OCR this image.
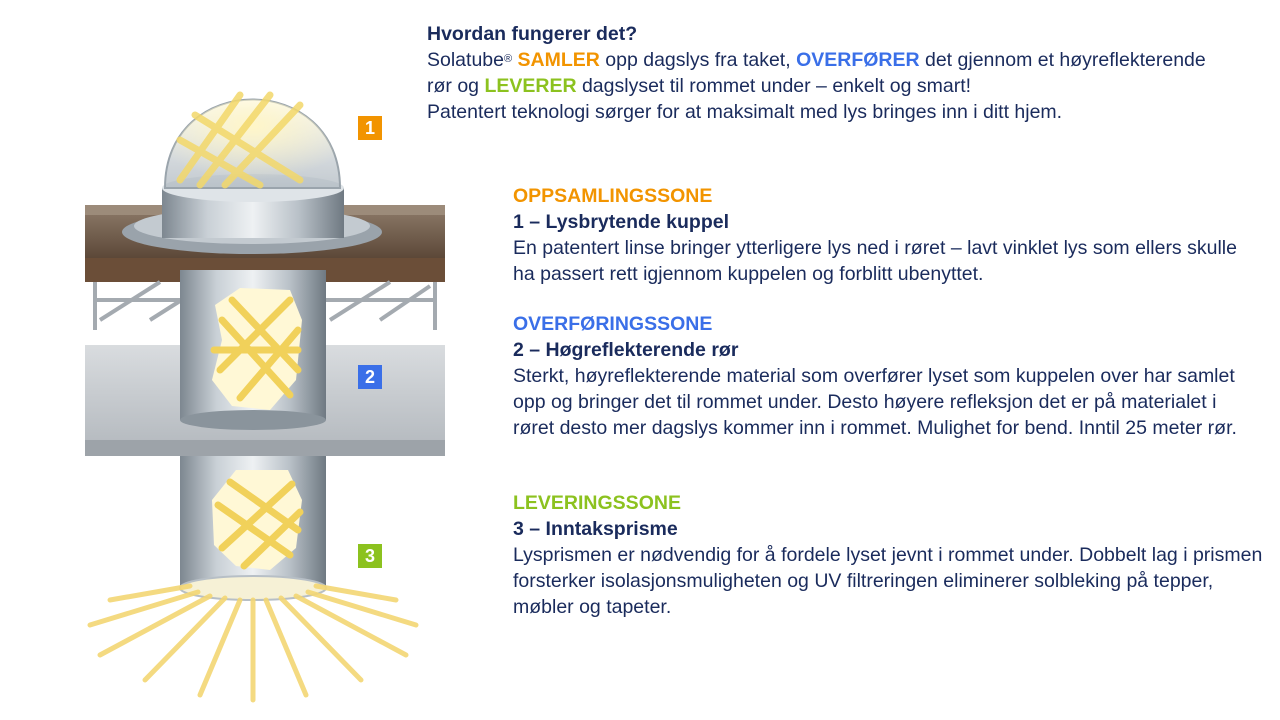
1
2
3
Hvordan fungerer det?
Solatube® SAMLER opp dagslys fra taket, OVERFØRER det gjennom et høyreflekterende rør og LEVERER dagslyset til rommet under – enkelt og smart!
Patentert teknologi sørger for at maksimalt med lys bringes inn i ditt hjem.
OPPSAMLINGSSONE
1 – Lysbrytende kuppel
En patentert linse bringer ytterligere lys ned i røret – lavt vinklet lys som ellers skulle ha passert rett igjennom kuppelen og forblitt ubenyttet.
OVERFØRINGSSONE
2 – Høgreflekterende rør
Sterkt, høyreflekterende material som overfører lyset som kuppelen over har samlet opp og bringer det til rommet under. Desto høyere refleksjon det er på materialet i røret desto mer dagslys kommer inn i rommet. Mulighet for bend. Inntil 25 meter rør.
LEVERINGSSONE
3 – Inntaksprisme
Lysprismen er nødvendig for å fordele lyset jevnt i rommet under. Dobbelt lag i prismen forsterker isolasjonsmuligheten og UV filtreringen eliminerer solbleking på tepper, møbler og tapeter.
